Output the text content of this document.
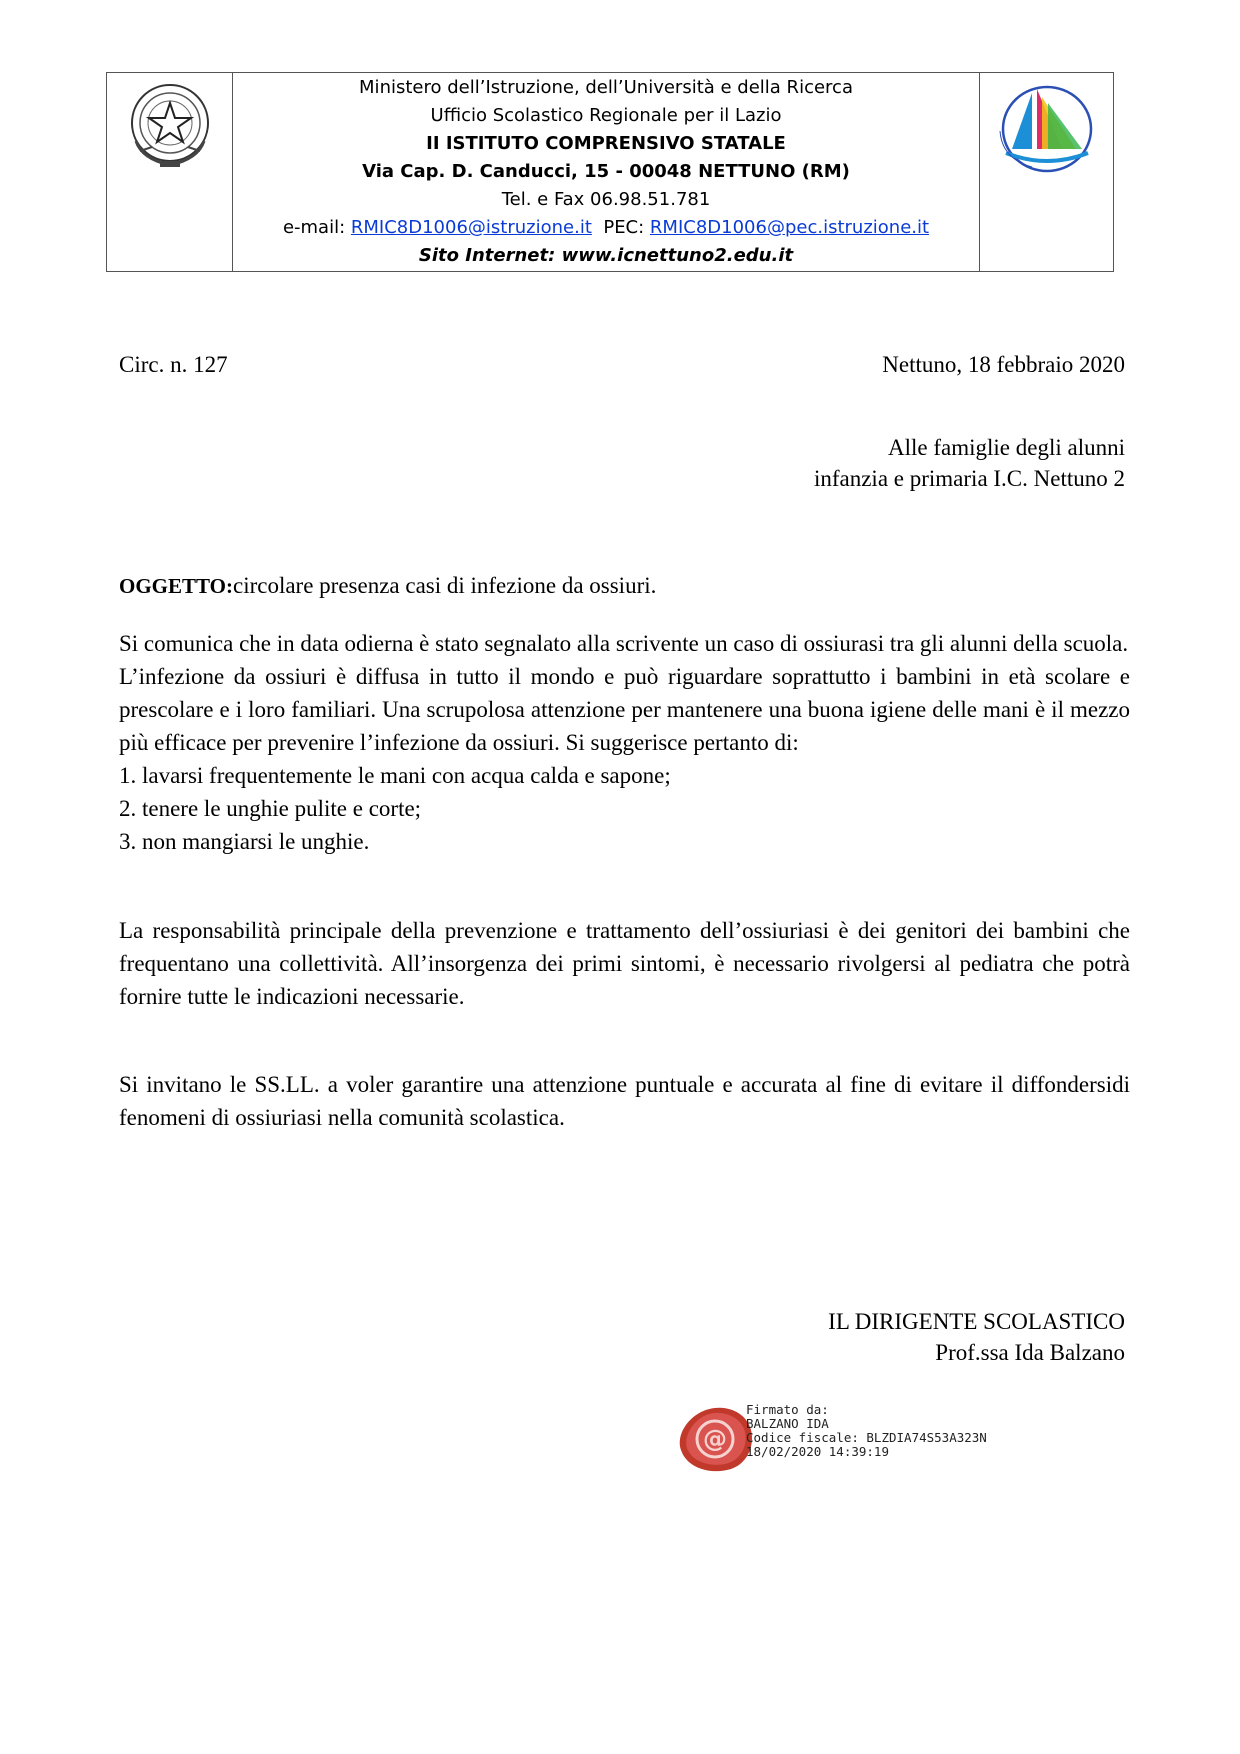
Ministero dell’Istruzione, dell’Università e della Ricerca
Ufficio Scolastico Regionale per il Lazio
II ISTITUTO COMPRENSIVO STATALE
Via Cap. D. Canducci, 15 - 00048 NETTUNO (RM)
Tel. e Fax 06.98.51.781
e-mail: RMIC8D1006@istruzione.it  PEC: RMIC8D1006@pec.istruzione.it
Sito Internet: www.icnettuno2.edu.it
Circ. n. 127	Nettuno, 18 febbraio 2020
Alle famiglie degli alunni
infanzia e primaria I.C. Nettuno 2
OGGETTO:circolare presenza casi di infezione da ossiuri.

Si comunica che in data odierna è stato segnalato alla scrivente un caso di ossiurasi tra gli alunni della scuola.

L’infezione da ossiuri è diffusa in tutto il mondo e può riguardare soprattutto i bambini in età scolare e prescolare e i loro familiari. Una scrupolosa attenzione per mantenere una buona igiene delle mani è il mezzo più efficace per prevenire l’infezione da ossiuri. Si suggerisce pertanto di:

1. lavarsi frequentemente le mani con acqua calda e sapone;
2. tenere le unghie pulite e corte;
3. non mangiarsi le unghie.
La responsabilità principale della prevenzione e trattamento dell’ossiuriasi è dei genitori dei bambini che frequentano una collettività. All’insorgenza dei primi sintomi, è necessario rivolgersi al pediatra che potrà fornire tutte le indicazioni necessarie.
Si invitano le SS.LL. a voler garantire una attenzione puntuale e accurata al fine di evitare il diffondersidi fenomeni di ossiuriasi nella comunità scolastica.
IL DIRIGENTE SCOLASTICO
Prof.ssa Ida Balzano
@
Firmato da:
BALZANO IDA
Codice fiscale: BLZDIA74S53A323N
18/02/2020 14:39:19
